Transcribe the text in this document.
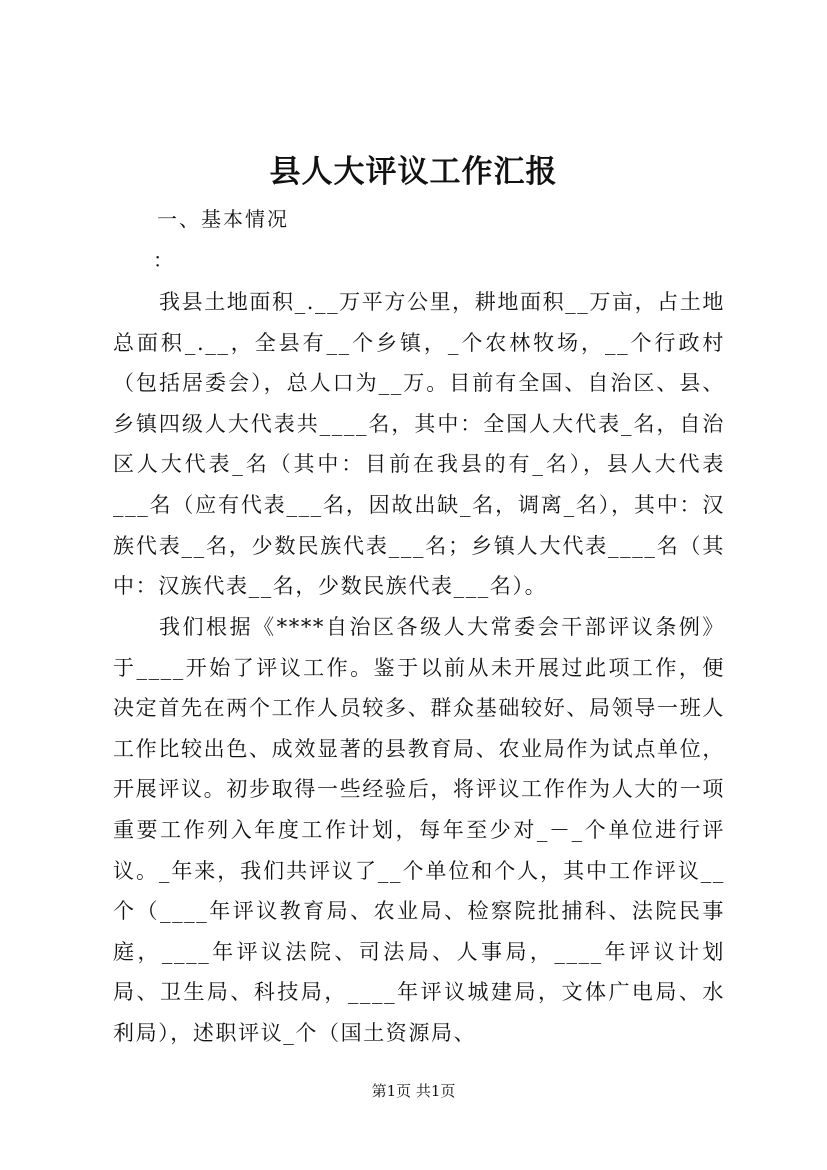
县人大评议工作汇报

一、基本情况

：

我县土地面积_.__万平方公里，耕地面积__万亩，占土地总面积_.__，全县有__个乡镇，_个农林牧场，__个行政村（包括居委会），总人口为__万。目前有全国、自治区、县、乡镇四级人大代表共____名，其中：全国人大代表_名，自治区人大代表_名（其中：目前在我县的有_名），县人大代表___名（应有代表___名，因故出缺_名，调离_名），其中：汉族代表__名，少数民族代表___名；乡镇人大代表____名（其中：汉族代表__名，少数民族代表___名）。

我们根据《****自治区各级人大常委会干部评议条例》于____开始了评议工作。鉴于以前从未开展过此项工作，便决定首先在两个工作人员较多、群众基础较好、局领导一班人工作比较出色、成效显著的县教育局、农业局作为试点单位，开展评议。初步取得一些经验后，将评议工作作为人大的一项重要工作列入年度工作计划，每年至少对_－_个单位进行评议。_年来，我们共评议了__个单位和个人，其中工作评议__个（____年评议教育局、农业局、检察院批捕科、法院民事庭，____年评议法院、司法局、人事局，____年评议计划局、卫生局、科技局，____年评议城建局，文体广电局、水利局），述职评议_个（国土资源局、

第1页 共1页
